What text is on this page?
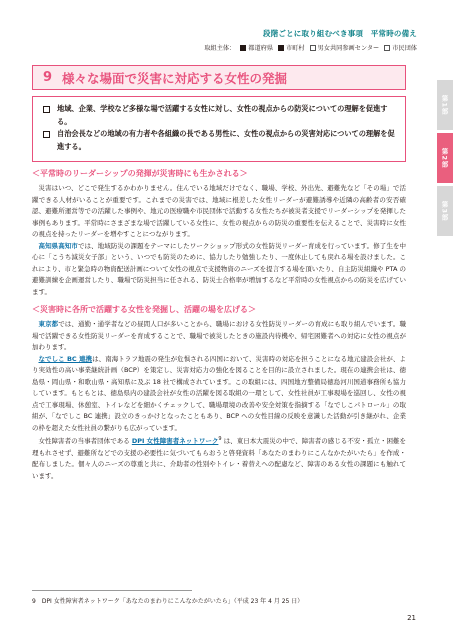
段階ごとに取り組むべき事項　平常時の備え
取組主体： 都道府県 市町村 男女共同参画センター 市民団体
9 様々な場面で災害に対応する女性の発掘
第1部
第2部
第3部
地域、企業、学校など多様な場で活躍する女性に対し、女性の視点からの防災についての理解を促進する。
自治会長などの地域の有力者や各組織の長である男性に、女性の視点からの災害対応についての理解を促進する。
＜平常時のリーダーシップの発揮が災害時にも生かされる＞

災害はいつ、どこで発生するかわかりません。住んでいる地域だけでなく、職場、学校、外出先、避難先など「その場」で活躍できる人材がいることが重要です。これまでの災害では、地域に根差した女性リーダーが避難誘導や近隣の高齢者の安否確認、避難所運営等での活躍した事例や、地元の医療職や市民団体で活動する女性たちが被災者支援でリーダーシップを発揮した事例もあります。平常時にさまざまな場で活躍している女性に、女性の視点からの防災の重要性を伝えることで、災害時に女性の視点を持ったリーダーを増やすことにつながります。

高知県高知市では、地域防災の課題をテーマにしたワークショップ形式の女性防災リーダー育成を行っています。修了生を中心に「こうち減災女子部」という、いつでも防災のために、協力したり勉強したり、一度休止しても戻れる場を設けました。これにより、市と緊急時の物資配送計画について女性の視点で支援物資のニーズを提言する場を頂いたり、自主防災組織や PTA の避難訓練を企画運営したり、職場で防災担当に任される、防災士合格率が増加するなど平常時の女性視点からの防災を広げています。

＜災害時に各所で活躍する女性を発掘し、活躍の場を広げる＞

東京都では、通勤・通学者などの昼間人口が多いことから、職場における女性防災リーダーの育成にも取り組んでいます。職場で活躍できる女性防災リーダーを育成することで、職場で被災したときの施設内待機や、帰宅困難者への対応に女性の視点が加わります。

なでしこ BC 連携は、南海トラフ地震の発生が危惧される四国において、災害時の対応を担うことになる地元建設会社が、より実効性の高い事業継続計画（BCP）を策定し、災害対応力の強化を図ることを目的に設立されました。現在の連携会社は、徳島県・岡山県・和歌山県・高知県に及ぶ 18 社で構成されています。この取組には、四国地方整備局徳島河川国道事務所も協力しています。もともとは、徳島県内の建設会社が女性の活躍を図る取組の一環として、女性社員が工事現場を巡回し、女性の視点で工事現場、休憩室、トイレなどを細かくチェックして、職場環境の改善や安全対策を指摘する「なでしこパトロール」の取組が、「なでしこ BC 連携」設立のきっかけとなったこともあり、BCP への女性目線の反映を意識した活動が引き継がれ、企業の枠を超えた女性社員の繋がりも広がっています。

女性障害者の当事者団体である DPI 女性障害者ネットワーク$^9$ は、東日本大震災の中で、障害者の感じる不安・孤立・困難を理もれさせず、避難所などでの支援の必要性に気づいてもらおうと啓発資料「あなたのまわりにこんなかたがいたら」を作成・配布しました。個々人のニーズの尊重と共に、介助者の性別やトイレ・着替えへの配慮など、障害のある女性の課題にも触れています。

9　DPI 女性障害者ネットワーク「あなたのまわりにこんなかたがいたら」（平成 23 年 4 月 25 日）
21
